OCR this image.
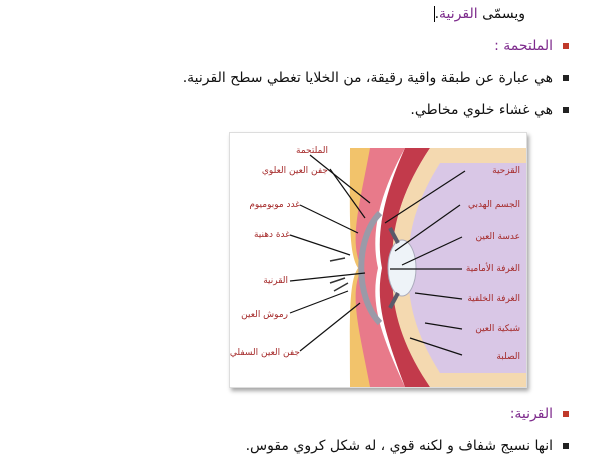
ويسمّى القرنية.
الملتحمة :
هي عبارة عن طبقة واقية رقيقة، من الخلايا تغطي سطح القرنية.
هي غشاء خلوي مخاطي.
الملتحمة
جفن العين العلوي
غدد موبوميوم
غدة دهنية
القرنية
رموش العين
جفن العين السفلي
القزحية
الجسم الهدبي
عدسة العين
الغرفة الأمامية
الغرفة الخلفية
شبكية العين
الصلبة
القرنية:
انها نسيج شفاف و لكنه قوي ، له شكل كروي مقوس.
